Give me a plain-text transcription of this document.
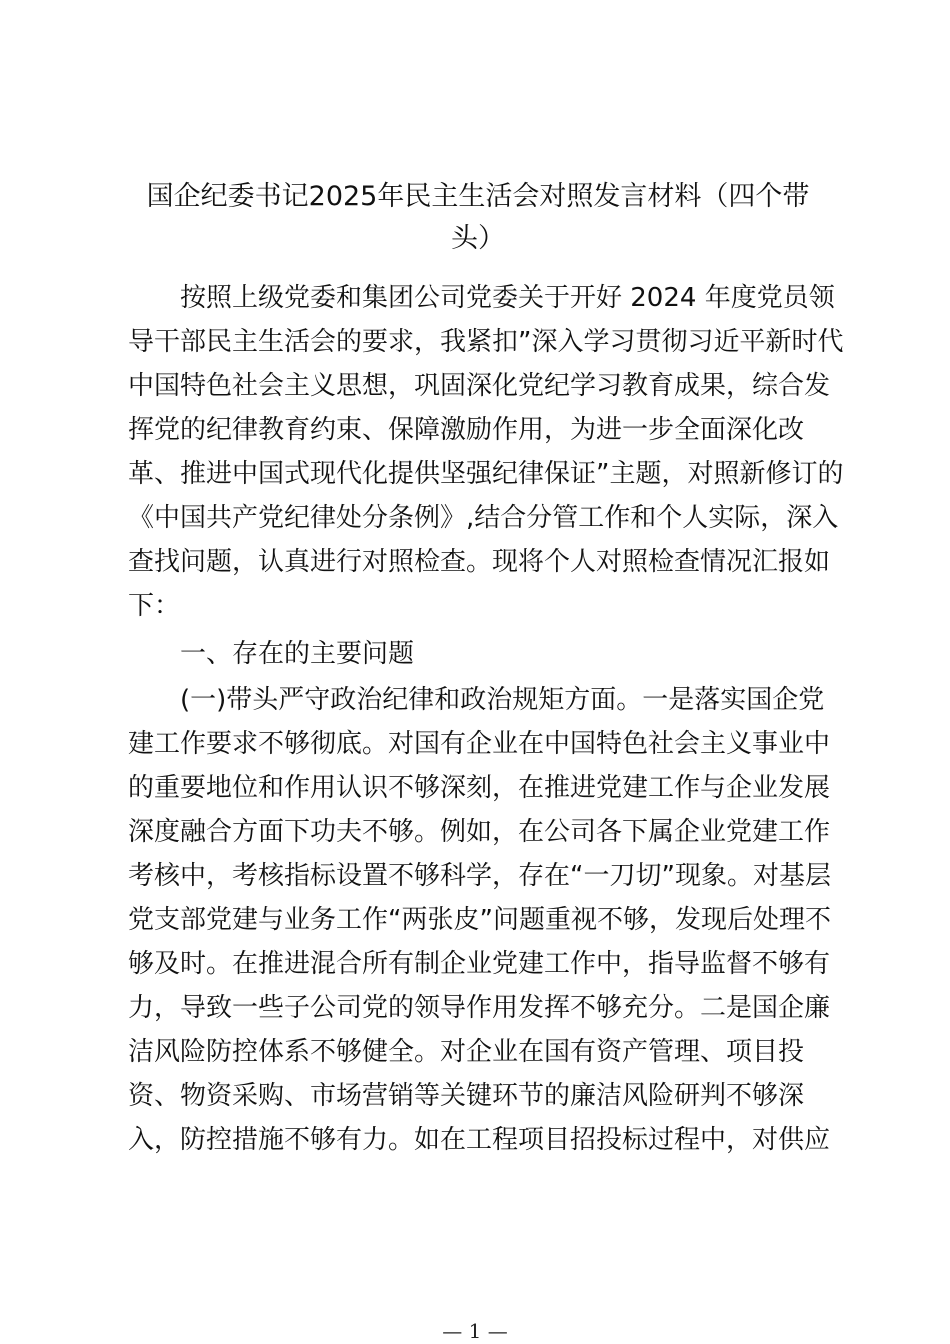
国企纪委书记2025年民主生活会对照发言材料（四个带头）

按照上级党委和集团公司党委关于开好 2024 年度党员领

导干部民主生活会的要求，我紧扣”深入学习贯彻习近平新时代

中国特色社会主义思想，巩固深化党纪学习教育成果，综合发

挥党的纪律教育约束、保障激励作用，为进一步全面深化改

革、推进中国式现代化提供坚强纪律保证”主题，对照新修订的

《中国共产党纪律处分条例》,结合分管工作和个人实际，深入

查找问题，认真进行对照检查。现将个人对照检查情况汇报如

下：

一、存在的主要问题

(一)带头严守政治纪律和政治规矩方面。一是落实国企党

建工作要求不够彻底。对国有企业在中国特色社会主义事业中

的重要地位和作用认识不够深刻，在推进党建工作与企业发展

深度融合方面下功夫不够。例如，在公司各下属企业党建工作

考核中，考核指标设置不够科学，存在“一刀切”现象。对基层

党支部党建与业务工作“两张皮”问题重视不够，发现后处理不

够及时。在推进混合所有制企业党建工作中，指导监督不够有

力，导致一些子公司党的领导作用发挥不够充分。二是国企廉

洁风险防控体系不够健全。对企业在国有资产管理、项目投

资、物资采购、市场营销等关键环节的廉洁风险研判不够深

入，防控措施不够有力。如在工程项目招投标过程中，对供应

— 1 —
